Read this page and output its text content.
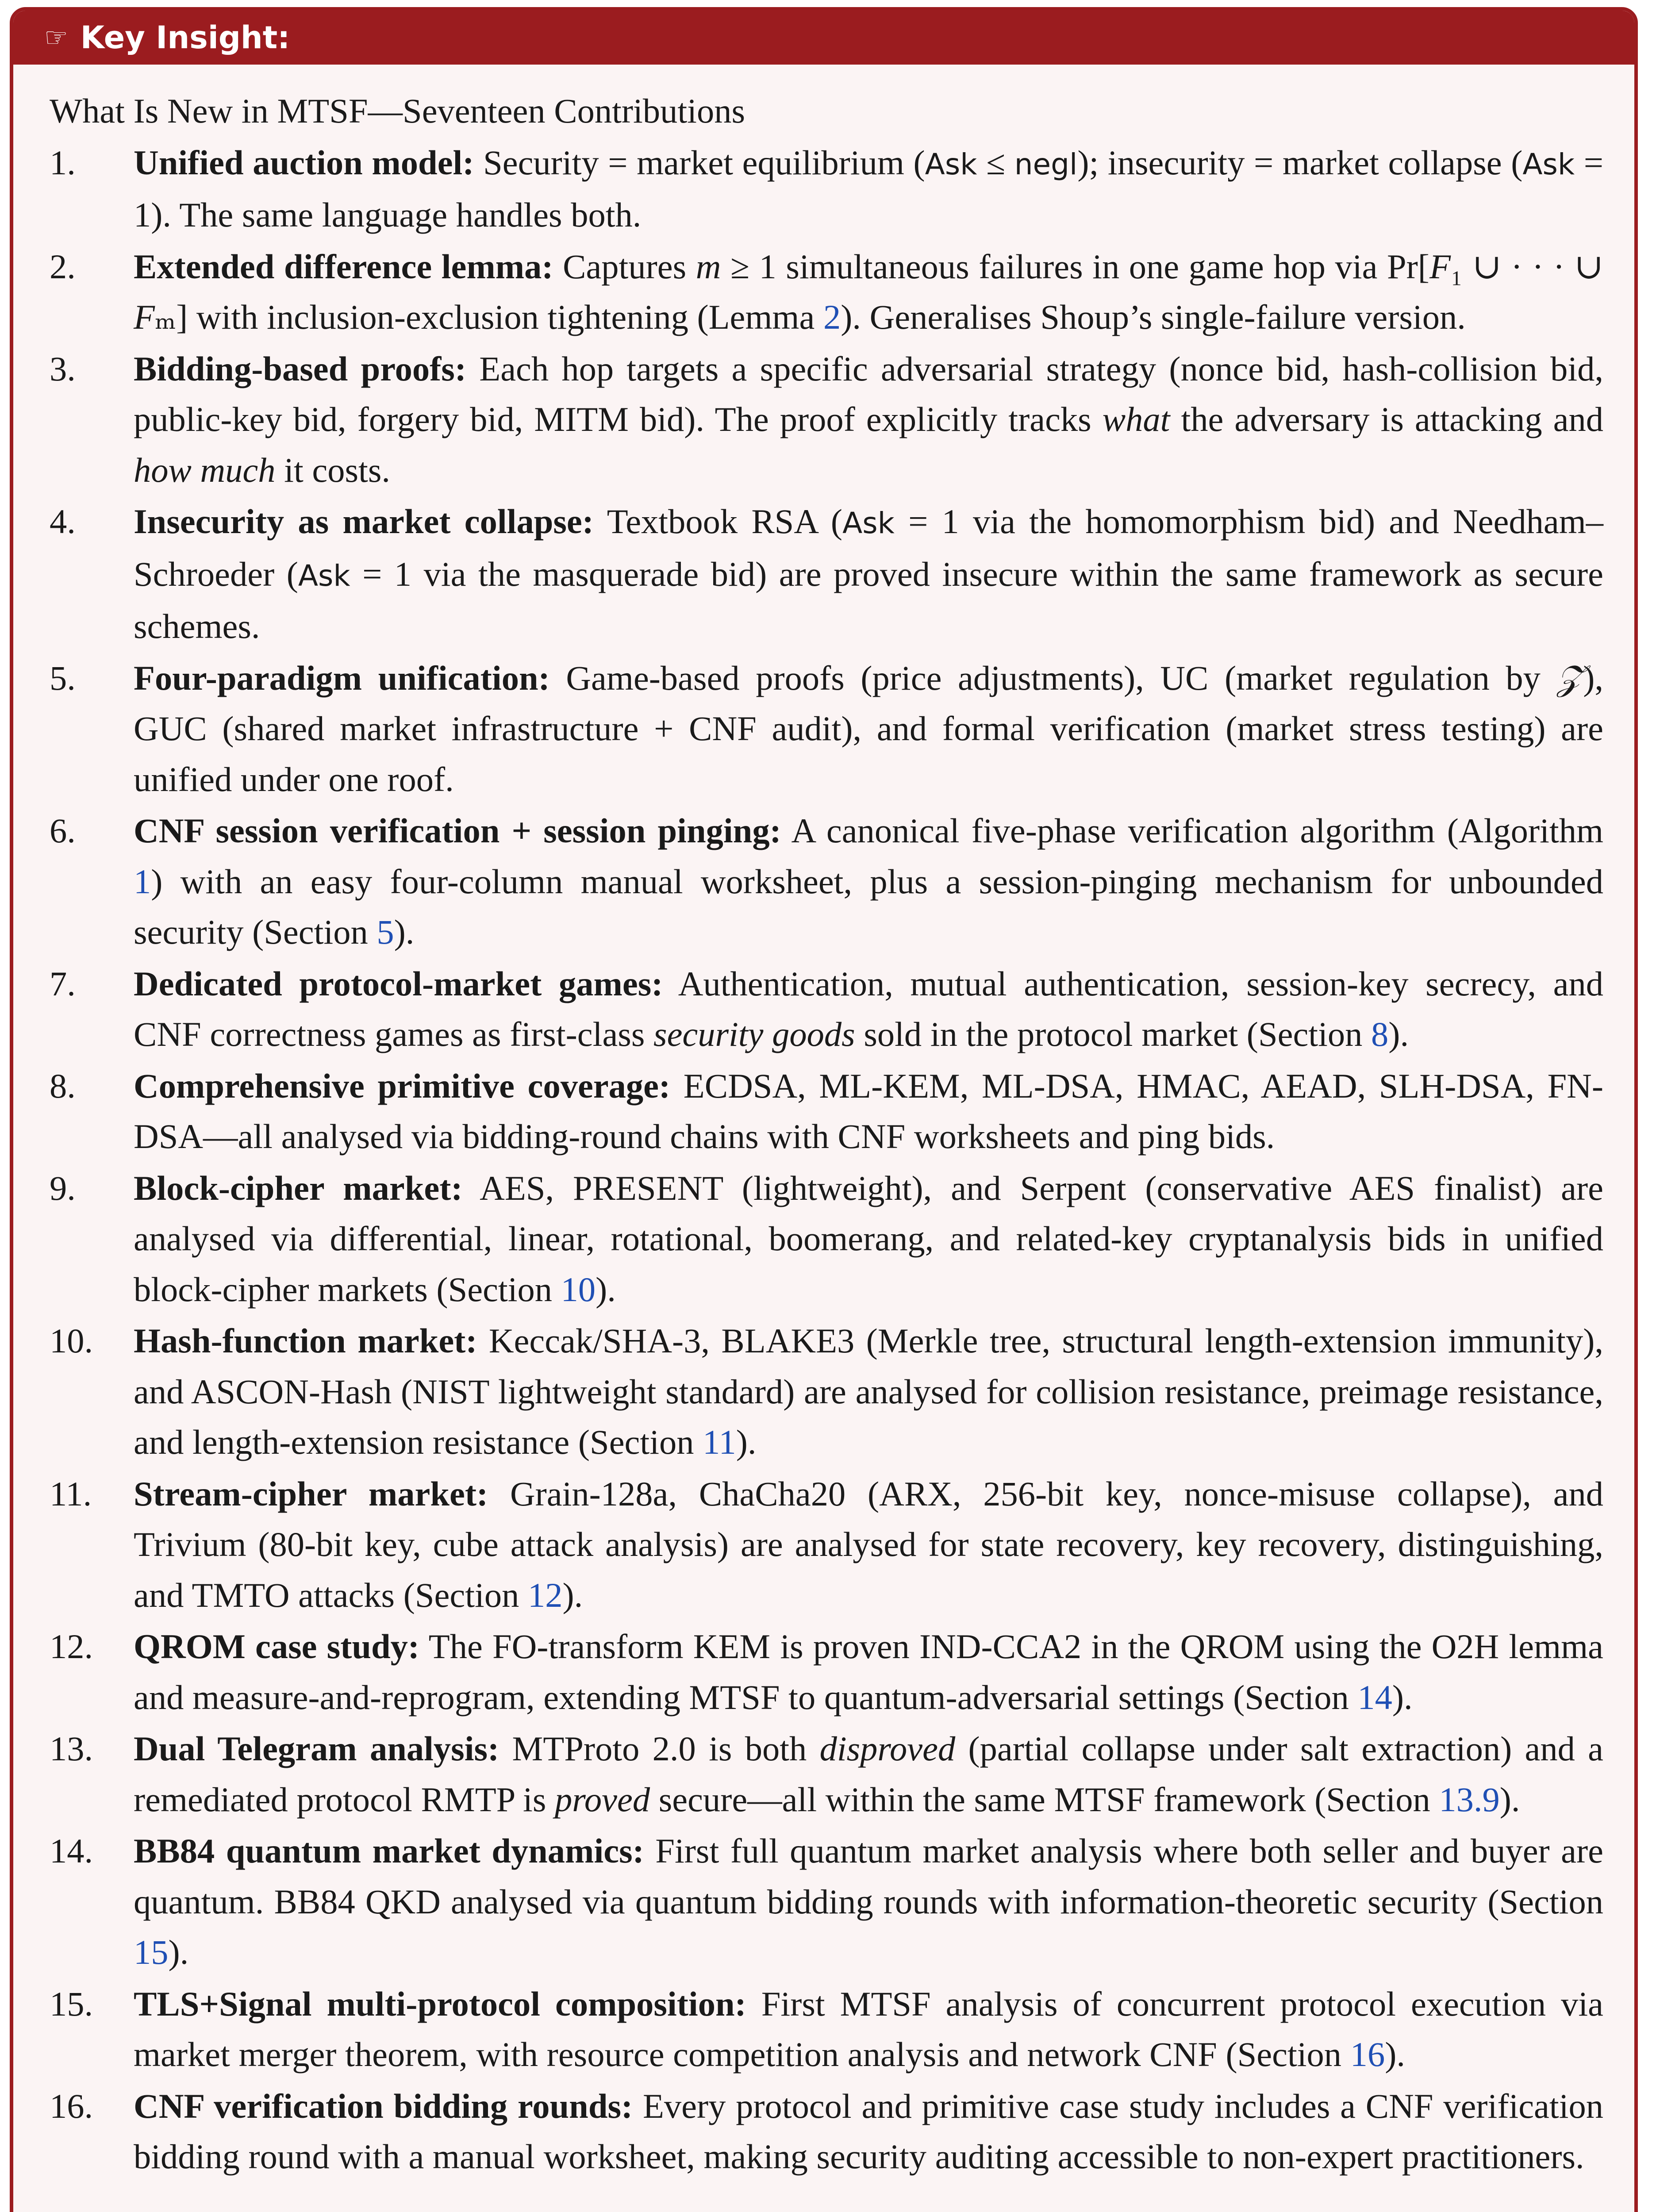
☞ Key Insight:
What Is New in MTSF—Seventeen Contributions
1.	Unified auction model: Security = market equilibrium (Ask ≤ negl); insecurity = market collapse (Ask = 1). The same language handles both.
2.	Extended difference lemma: Captures m ≥ 1 simultaneous failures in one game hop via Pr[F₁ ∪ · · · ∪ Fₘ] with inclusion-exclusion tightening (Lemma 2). Generalises Shoup’s single-failure version.
3.	Bidding-based proofs: Each hop targets a specific adversarial strategy (nonce bid, hash-collision bid, public-key bid, forgery bid, MITM bid). The proof explicitly tracks what the adversary is attacking and how much it costs.
4.	Insecurity as market collapse: Textbook RSA (Ask = 1 via the homomorphism bid) and Needham–Schroeder (Ask = 1 via the masquerade bid) are proved insecure within the same framework as secure schemes.
5.	Four-paradigm unification: Game-based proofs (price adjustments), UC (market regulation by 𝒵), GUC (shared market infrastructure + CNF audit), and formal verification (market stress testing) are unified under one roof.
6.	CNF session verification + session pinging: A canonical five-phase verification algorithm (Algorithm 1) with an easy four-column manual worksheet, plus a session-pinging mechanism for unbounded security (Section 5).
7.	Dedicated protocol-market games: Authentication, mutual authentication, session-key secrecy, and CNF correctness games as first-class security goods sold in the protocol market (Section 8).
8.	Comprehensive primitive coverage: ECDSA, ML-KEM, ML-DSA, HMAC, AEAD, SLH-DSA, FN-DSA—all analysed via bidding-round chains with CNF worksheets and ping bids.
9.	Block-cipher market: AES, PRESENT (lightweight), and Serpent (conservative AES finalist) are analysed via differential, linear, rotational, boomerang, and related-key cryptanalysis bids in unified block-cipher markets (Section 10).
10.	Hash-function market: Keccak/SHA-3, BLAKE3 (Merkle tree, structural length-extension immunity), and ASCON-Hash (NIST lightweight standard) are analysed for collision resistance, preimage resistance, and length-extension resistance (Section 11).
11.	Stream-cipher market: Grain-128a, ChaCha20 (ARX, 256-bit key, nonce-misuse collapse), and Trivium (80-bit key, cube attack analysis) are analysed for state recovery, key recovery, distinguishing, and TMTO attacks (Section 12).
12.	QROM case study: The FO-transform KEM is proven IND-CCA2 in the QROM using the O2H lemma and measure-and-reprogram, extending MTSF to quantum-adversarial settings (Section 14).
13.	Dual Telegram analysis: MTProto 2.0 is both disproved (partial collapse under salt extraction) and a remediated protocol RMTP is proved secure—all within the same MTSF framework (Section 13.9).
14.	BB84 quantum market dynamics: First full quantum market analysis where both seller and buyer are quantum. BB84 QKD analysed via quantum bidding rounds with information-theoretic security (Section 15).
15.	TLS+Signal multi-protocol composition: First MTSF analysis of concurrent protocol execution via market merger theorem, with resource competition analysis and network CNF (Section 16).
16.	CNF verification bidding rounds: Every protocol and primitive case study includes a CNF verification bidding round with a manual worksheet, making security auditing accessible to non-expert practitioners.
